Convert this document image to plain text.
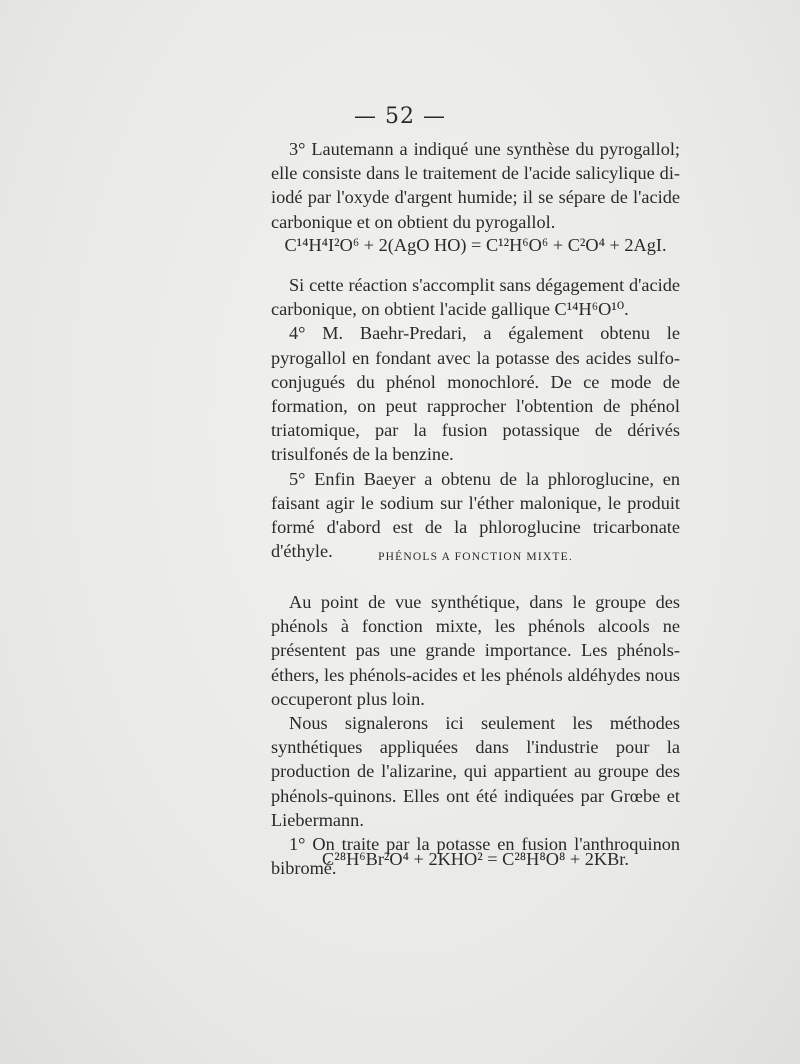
— 52 —

3° Lautemann a indiqué une synthèse du pyrogallol; elle consiste dans le traitement de l'acide salicylique di-iodé par l'oxyde d'argent humide; il se sépare de l'acide carbonique et on obtient du pyrogallol.

C¹⁴H⁴I²O⁶ + 2(AgO HO) = C¹²H⁶O⁶ + C²O⁴ + 2AgI.

Si cette réaction s'accomplit sans dégagement d'acide carbonique, on obtient l'acide gallique C¹⁴H⁶O¹⁰.

4° M. Baehr-Predari, a également obtenu le pyrogallol en fondant avec la potasse des acides sulfo-conjugués du phénol monochloré. De ce mode de formation, on peut rapprocher l'obtention de phénol triatomique, par la fusion potassique de dérivés trisulfonés de la benzine.

5° Enfin Baeyer a obtenu de la phloroglucine, en faisant agir le sodium sur l'éther malonique, le produit formé d'abord est de la phloroglucine tricarbonate d'éthyle.	PHÉNOLS A FONCTION MIXTE.

Au point de vue synthétique, dans le groupe des phénols à fonction mixte, les phénols alcools ne présentent pas une grande importance. Les phénols-éthers, les phénols-acides et les phénols aldéhydes nous occuperont plus loin.

Nous signalerons ici seulement les méthodes synthétiques appliquées dans l'industrie pour la production de l'alizarine, qui appartient au groupe des phénols-quinons. Elles ont été indiquées par Grœbe et Liebermann.

1° On traite par la potasse en fusion l'anthroquinon bibromé.

C²⁸H⁶Br²O⁴ + 2KHO² = C²⁸H⁸O⁸ + 2KBr.
